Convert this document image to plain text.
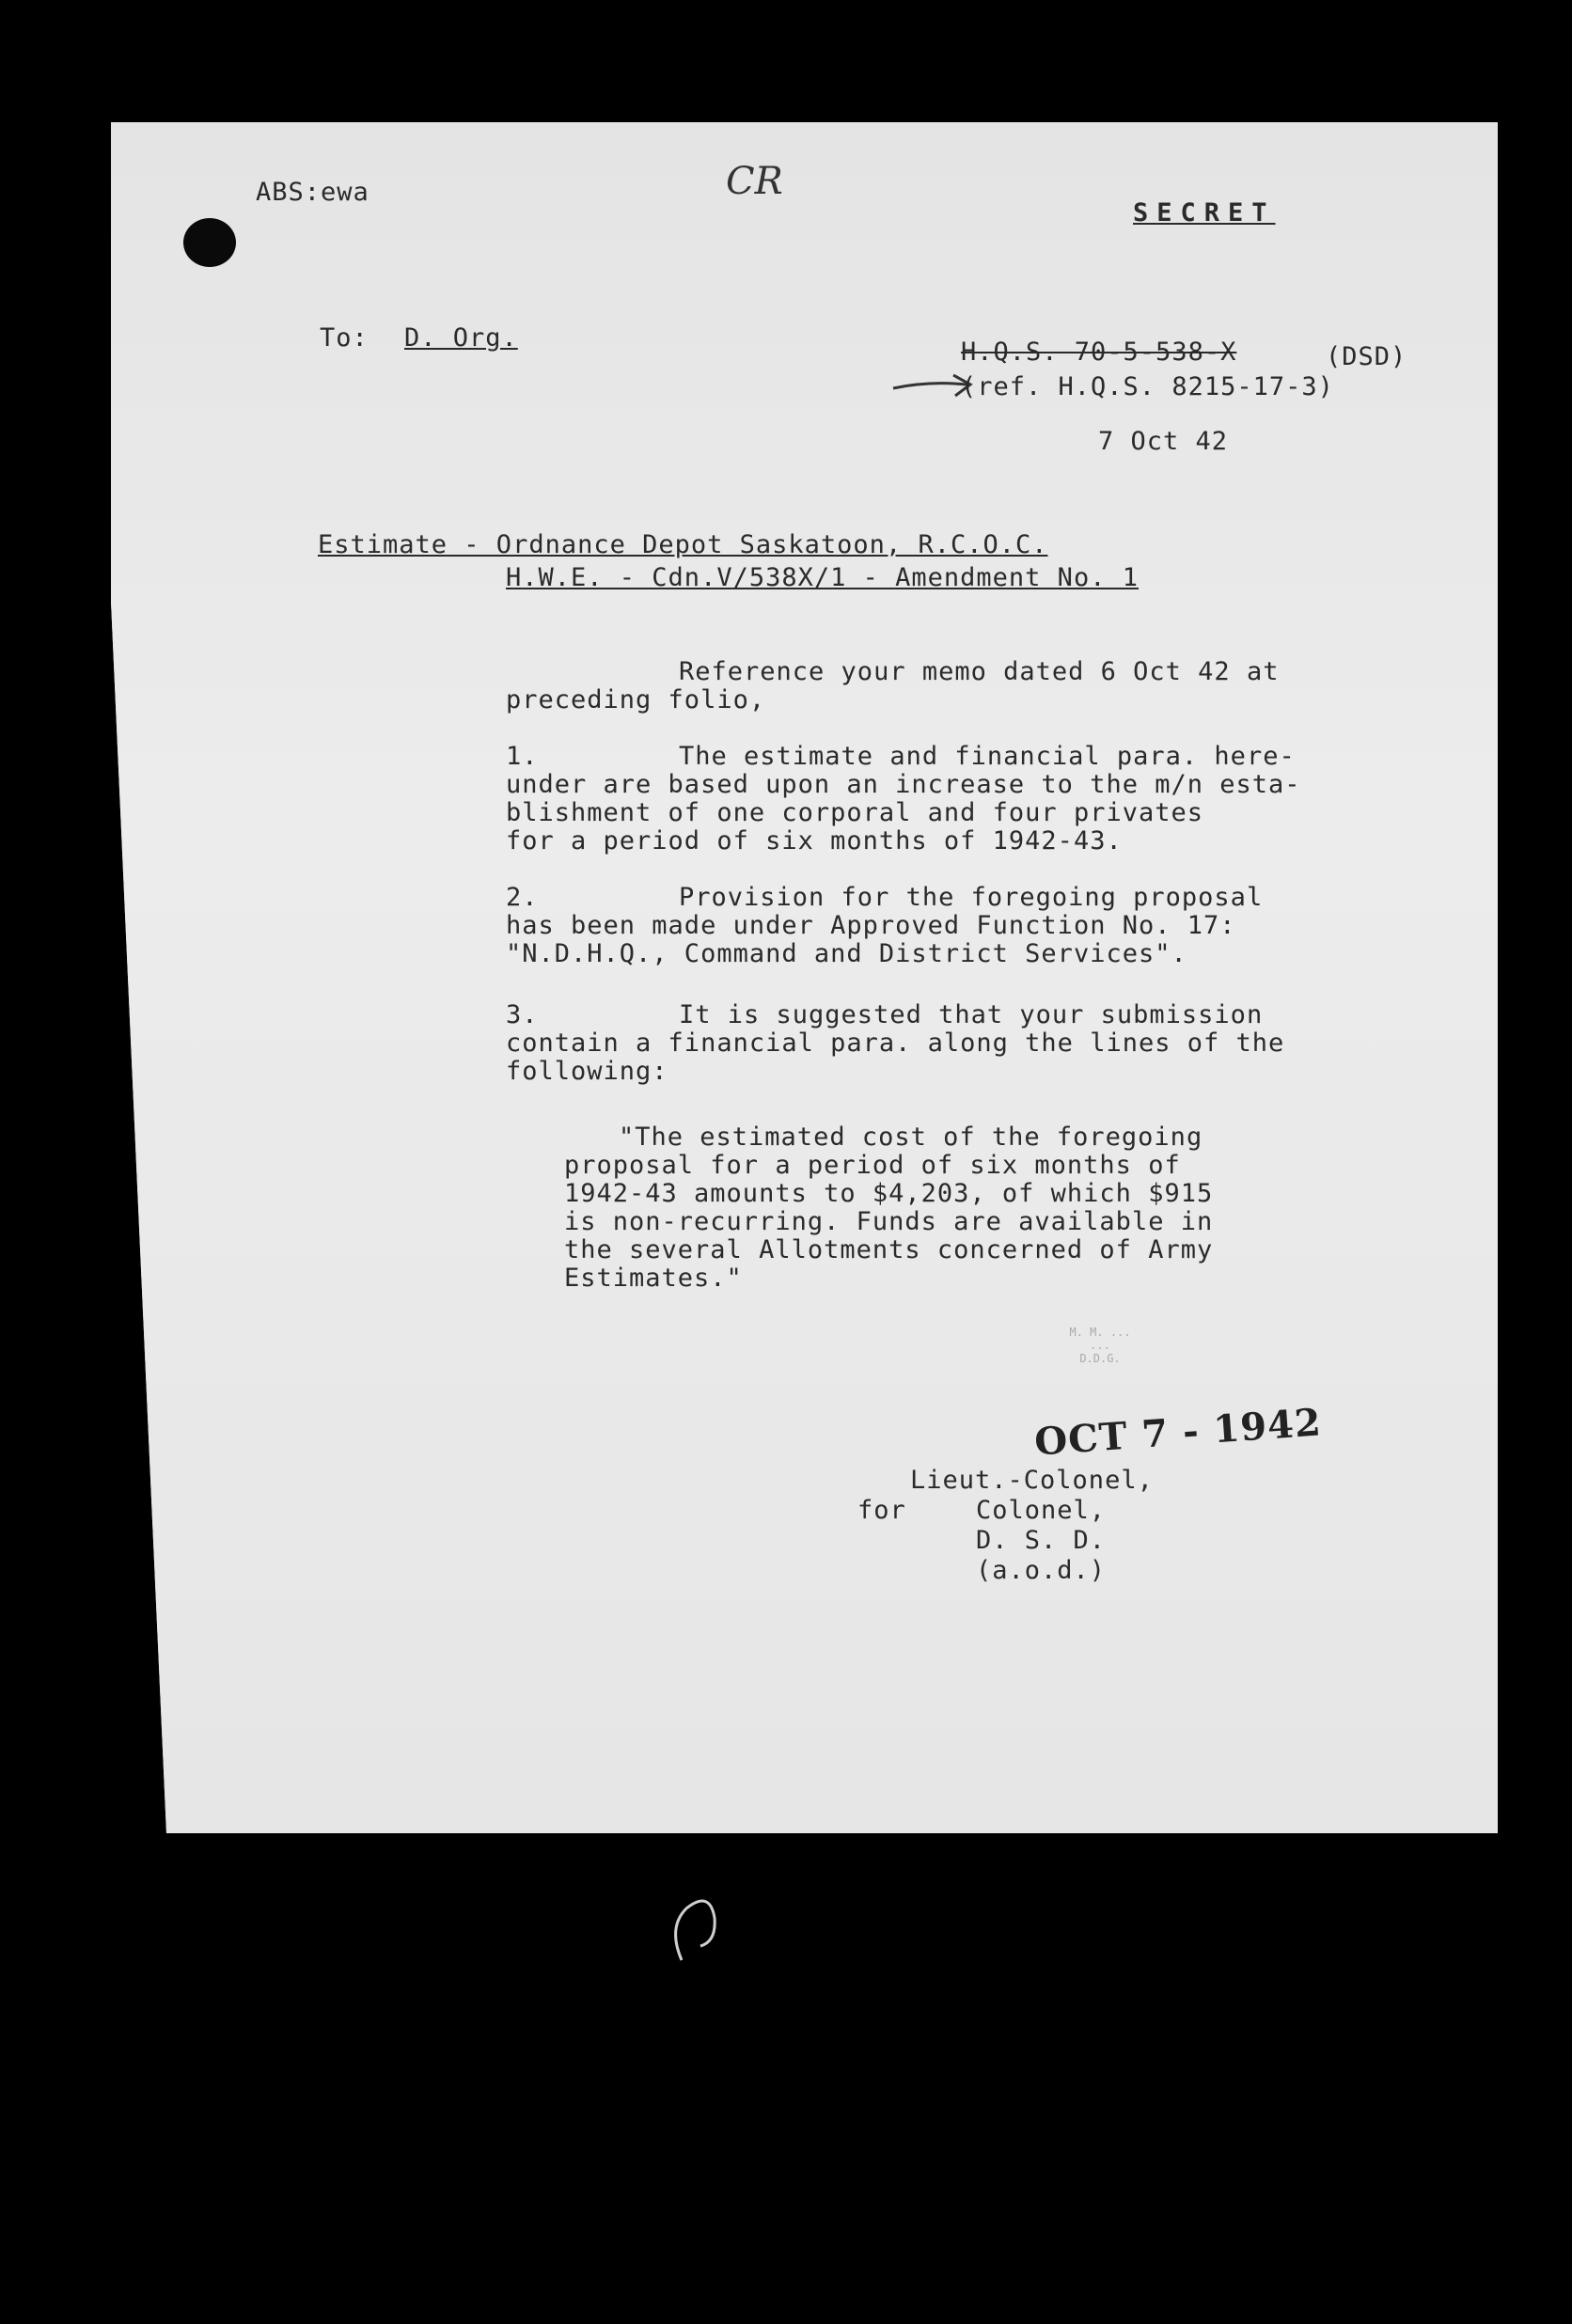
ABS:ewa	CR
SECRET
To: D. Org.	H.Q.S. 70-5-538-X	(DSD)
(ref. H.Q.S. 8215-17-3)
7 Oct 42
Estimate - Ordnance Depot Saskatoon, R.C.O.C.
H.W.E. - Cdn.V/538X/1 - Amendment No. 1
Reference your memo dated 6 Oct 42 at
preceding folio,
1.	The estimate and financial para. here-
under are based upon an increase to the m/n esta-
blishment of one corporal and four privates
for a period of six months of 1942-43.
2.	Provision for the foregoing proposal
has been made under Approved Function No. 17:
"N.D.H.Q., Command and District Services".
3.	It is suggested that your submission
contain a financial para. along the lines of the
following:
"The estimated cost of the foregoing
proposal for a period of six months of
1942-43 amounts to $4,203, of which $915
is non-recurring. Funds are available in
the several Allotments concerned of Army
Estimates."
M. M. ...
...
D.D.G.
OCT 7 - 1942
Lieut.-Colonel,
for	Colonel,
D. S. D.
(a.o.d.)
